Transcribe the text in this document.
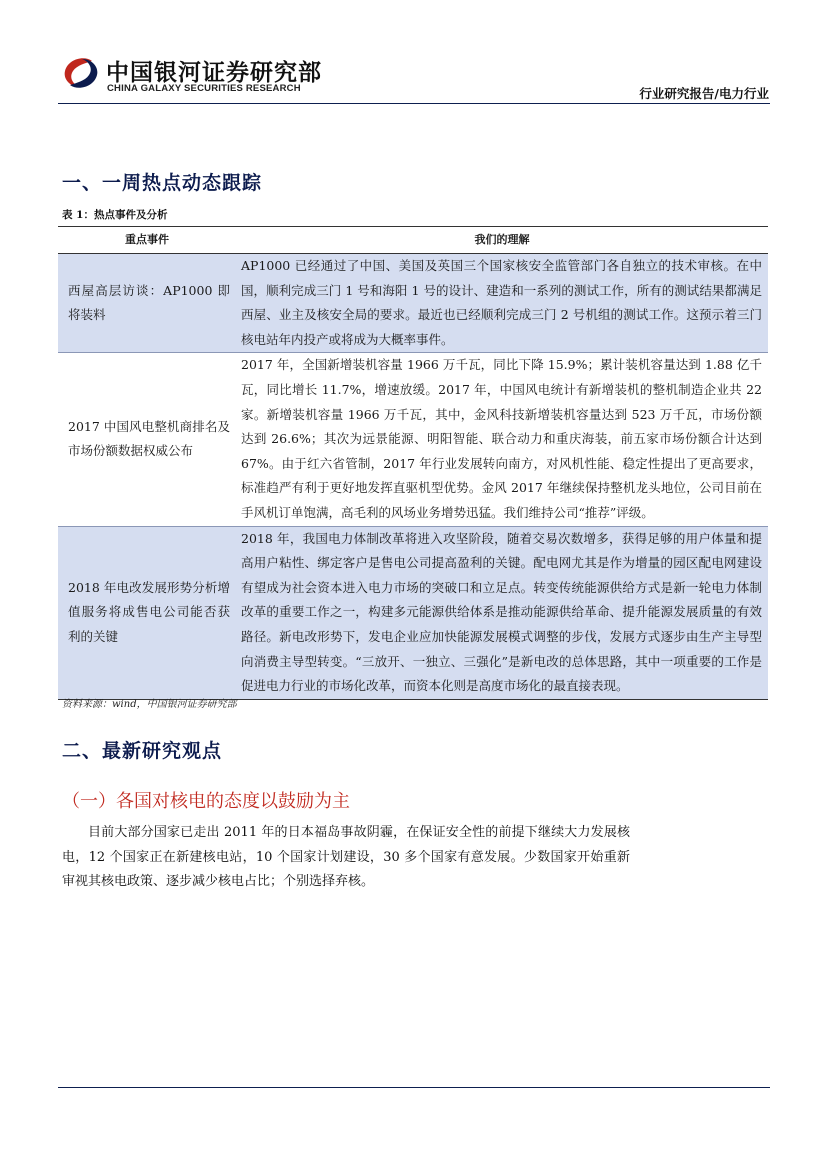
中国银河证券研究部
CHINA GALAXY SECURITIES RESEARCH	行业研究报告/电力行业
一、一周热点动态跟踪
表 1：热点事件及分析
重点事件	我们的理解
西屋高层访谈：AP1000 即将装料	AP1000 已经通过了中国、美国及英国三个国家核安全监管部门各自独立的技术审核。在中国，顺利完成三门 1 号和海阳 1 号的设计、建造和一系列的测试工作，所有的测试结果都满足西屋、业主及核安全局的要求。最近也已经顺利完成三门 2 号机组的测试工作。这预示着三门核电站年内投产或将成为大概率事件。
2017 中国风电整机商排名及市场份额数据权威公布	2017 年，全国新增装机容量 1966 万千瓦，同比下降 15.9%；累计装机容量达到 1.88 亿千瓦，同比增长 11.7%，增速放缓。2017 年，中国风电统计有新增装机的整机制造企业共 22 家。新增装机容量 1966 万千瓦，其中，金风科技新增装机容量达到 523 万千瓦，市场份额达到 26.6%；其次为远景能源、明阳智能、联合动力和重庆海装，前五家市场份额合计达到 67%。由于红六省管制，2017 年行业发展转向南方，对风机性能、稳定性提出了更高要求，标准趋严有利于更好地发挥直驱机型优势。金风 2017 年继续保持整机龙头地位，公司目前在手风机订单饱满，高毛利的风场业务增势迅猛。我们维持公司“推荐”评级。
2018 年电改发展形势分析增值服务将成售电公司能否获利的关键	2018 年，我国电力体制改革将进入攻坚阶段，随着交易次数增多，获得足够的用户体量和提高用户粘性、绑定客户是售电公司提高盈利的关键。配电网尤其是作为增量的园区配电网建设有望成为社会资本进入电力市场的突破口和立足点。转变传统能源供给方式是新一轮电力体制改革的重要工作之一，构建多元能源供给体系是推动能源供给革命、提升能源发展质量的有效路径。新电改形势下，发电企业应加快能源发展模式调整的步伐，发展方式逐步由生产主导型向消费主导型转变。“三放开、一独立、三强化”是新电改的总体思路，其中一项重要的工作是促进电力行业的市场化改革，而资本化则是高度市场化的最直接表现。
资料来源：wind，中国银河证券研究部
二、最新研究观点
（一）各国对核电的态度以鼓励为主
目前大部分国家已走出 2011 年的日本福岛事故阴霾，在保证安全性的前提下继续大力发展核电，12 个国家正在新建核电站，10 个国家计划建设，30 多个国家有意发展。少数国家开始重新审视其核电政策、逐步减少核电占比；个别选择弃核。
